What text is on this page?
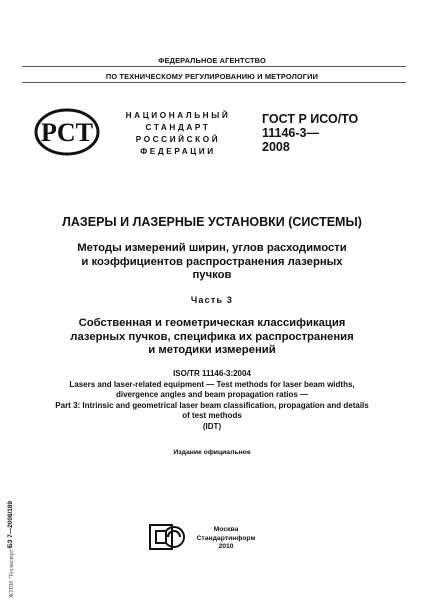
ФЕДЕРАЛЬНОЕ АГЕНТСТВО
ПО ТЕХНИЧЕСКОМУ РЕГУЛИРОВАНИЮ И МЕТРОЛОГИИ
PCT
НАЦИОНАЛЬНЫЙ
СТАНДАРТ
РОССИЙСКОЙ
ФЕДЕРАЦИИ
ГОСТ Р ИСО/ТО
11146-3—
2008
ЛАЗЕРЫ И ЛАЗЕРНЫЕ УСТАНОВКИ (СИСТЕМЫ)
Методы измерений ширин, углов расходимости
и коэффициентов распространения лазерных
пучков
Часть 3
Собственная и геометрическая классификация
лазерных пучков, специфика их распространения
и методики измерений
ISO/TR 11146-3:2004
Lasers and laser-related equipment — Test methods for laser beam widths,
divergence angles and beam propagation ratios —
Part 3: Intrinsic and geometrical laser beam classification, propagation and details
of test methods
(IDT)
Издание официальное
БЗ 7—2008/189
ЖТПИ "Техэксперт"
Москва
Стандартинформ
2010
